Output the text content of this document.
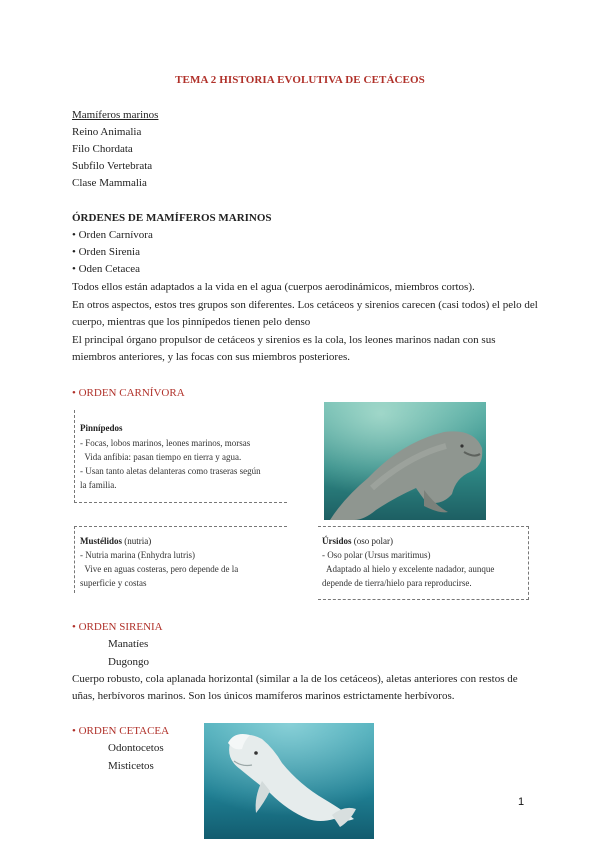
TEMA 2 HISTORIA EVOLUTIVA DE CETÁCEOS
Mamíferos marinos
Reino Animalia
Filo Chordata
Subfilo Vertebrata
Clase Mammalia
ÓRDENES DE MAMÍFEROS MARINOS
• Orden Carnívora
• Orden Sirenia
• Oden Cetacea
Todos ellos están adaptados a la vida en el agua (cuerpos aerodinámicos, miembros cortos).
En otros aspectos, estos tres grupos son diferentes. Los cetáceos y sirenios carecen (casi todos) el pelo del
cuerpo, mientras que los pinnípedos tienen pelo denso
El principal órgano propulsor de cetáceos y sirenios es la cola, los leones marinos nadan con sus
miembros anteriores, y las focas con sus miembros posteriores.
• ORDEN CARNÍVORA
Pinnípedos
- Focas, lobos marinos, leones marinos, morsas
Vida anfibia: pasan tiempo en tierra y agua.
- Usan tanto aletas delanteras como traseras según
la familia.
Mustélidos (nutria)
- Nutria marina (Enhydra lutris)
Vive en aguas costeras, pero depende de la
superficie y costas
Úrsidos (oso polar)
- Oso polar (Ursus maritimus)
Adaptado al hielo y excelente nadador, aunque
depende de tierra/hielo para reproducirse.
• ORDEN SIRENIA
Manatíes
Dugongo
Cuerpo robusto, cola aplanada horizontal (similar a la de los cetáceos), aletas anteriores con restos de
uñas, herbívoros marinos. Son los únicos mamíferos marinos estrictamente herbívoros.
• ORDEN CETACEA
Odontocetos
Misticetos
1
